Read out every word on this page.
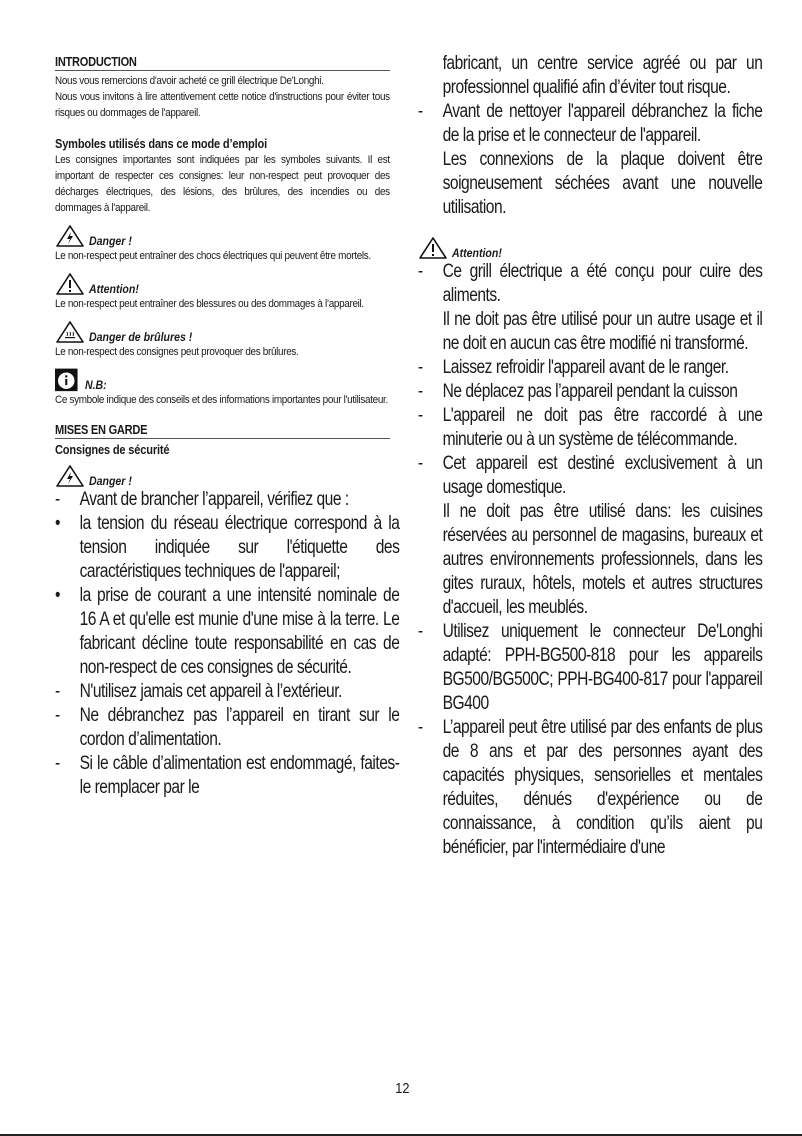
INTRODUCTION
Nous vous remercions d'avoir acheté ce grill électrique De'Longhi.
Nous vous invitons à lire attentivement cette notice d'instructions pour éviter tous risques ou dommages de l'appareil.
Symboles utilisés dans ce mode d’emploi
Les consignes importantes sont indiquées par les symboles suivants. Il est important de respecter ces consignes: leur non-respect peut provoquer des décharges électriques, des lésions, des brûlures, des incendies ou des dommages à l'appareil.
Danger !
Le non-respect peut entraîner des chocs électriques qui peuvent être mortels.
Attention!
Le non-respect peut entraîner des blessures ou des dommages à l’appareil.
Danger de brûlures !
Le non-respect des consignes peut provoquer des brûlures.
N.B:
Ce symbole indique des conseils et des informations importantes pour l'utilisateur.
MISES EN GARDE
Consignes de sécurité
Danger !
-	Avant de brancher l’appareil, vérifiez que :
•	la tension du réseau électrique correspond à la tension indiquée sur l'étiquette des caractéristiques techniques de l'appareil;
•	la prise de courant a une intensité nominale de 16 A et qu'elle est munie d'une mise à la terre. Le fabricant décline toute responsabilité en cas de non-respect de ces consignes de sécurité.
-	N'utilisez jamais cet appareil à l’extérieur.
-	Ne débranchez pas l’appareil en tirant sur le cordon d’alimentation.
-	Si le câble d’alimentation est endommagé, faites-le remplacer par le
fabricant, un centre service agréé ou par un professionnel qualifié afin d’éviter tout risque.
-	Avant de nettoyer l'appareil débranchez la fiche de la prise et le connecteur de l'appareil.
Les connexions de la plaque doivent être soigneusement séchées avant une nouvelle utilisation.
Attention!
-	Ce grill électrique a été conçu pour cuire des aliments.
Il ne doit pas être utilisé pour un autre usage et il ne doit en aucun cas être modifié ni transformé.
-	Laissez refroidir l'appareil avant de le ranger.
-	Ne déplacez pas l’appareil pendant la cuisson
-	L'appareil ne doit pas être raccordé à une minuterie ou à un système de télécommande.
-	Cet appareil est destiné exclusivement à un usage domestique.
Il ne doit pas être utilisé dans: les cuisines réservées au personnel de magasins, bureaux et autres environnements professionnels, dans les gites ruraux, hôtels, motels et autres structures d'accueil, les meublés.
-	Utilisez uniquement le connecteur De'Longhi adapté: PPH-BG500-818 pour les appareils BG500/BG500C; PPH-BG400-817 pour l'appareil BG400
-	L’appareil peut être utilisé par des enfants de plus de 8 ans et par des personnes ayant des capacités physiques, sensorielles et mentales réduites, dénués d'expérience ou de connaissance, à condition qu’ils aient pu bénéficier, par l'intermédiaire d'une
12
